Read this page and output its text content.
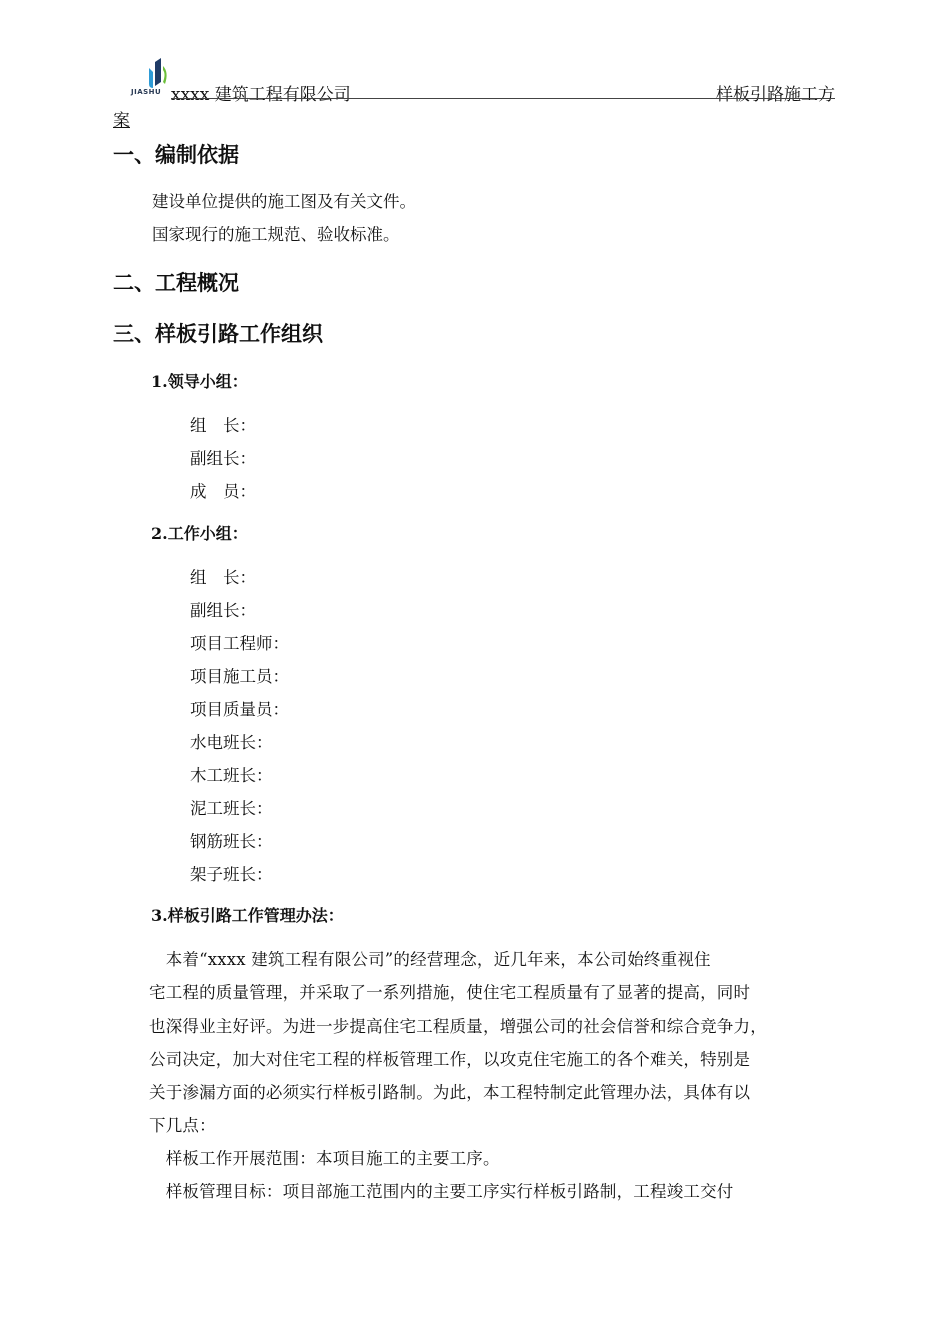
JIASHU xxxx 建筑工程有限公司	样板引路施工方
案
一、编制依据
建设单位提供的施工图及有关文件。
国家现行的施工规范、验收标准。
二、工程概况
三、样板引路工作组织
1.领导小组：
组　长：
副组长：
成　员：
2.工作小组：
组　长：
副组长：
项目工程师：
项目施工员：
项目质量员：
水电班长：
木工班长：
泥工班长：
钢筋班长：
架子班长：
3.样板引路工作管理办法：
　本着“xxxx 建筑工程有限公司”的经营理念，近几年来，本公司始终重视住
宅工程的质量管理，并采取了一系列措施，使住宅工程质量有了显著的提高，同时
也深得业主好评。为进一步提高住宅工程质量，增强公司的社会信誉和综合竞争力，
公司决定，加大对住宅工程的样板管理工作，以攻克住宅施工的各个难关，特别是
关于渗漏方面的必须实行样板引路制。为此，本工程特制定此管理办法，具体有以
下几点：
　样板工作开展范围：本项目施工的主要工序。
　样板管理目标：项目部施工范围内的主要工序实行样板引路制，工程竣工交付
